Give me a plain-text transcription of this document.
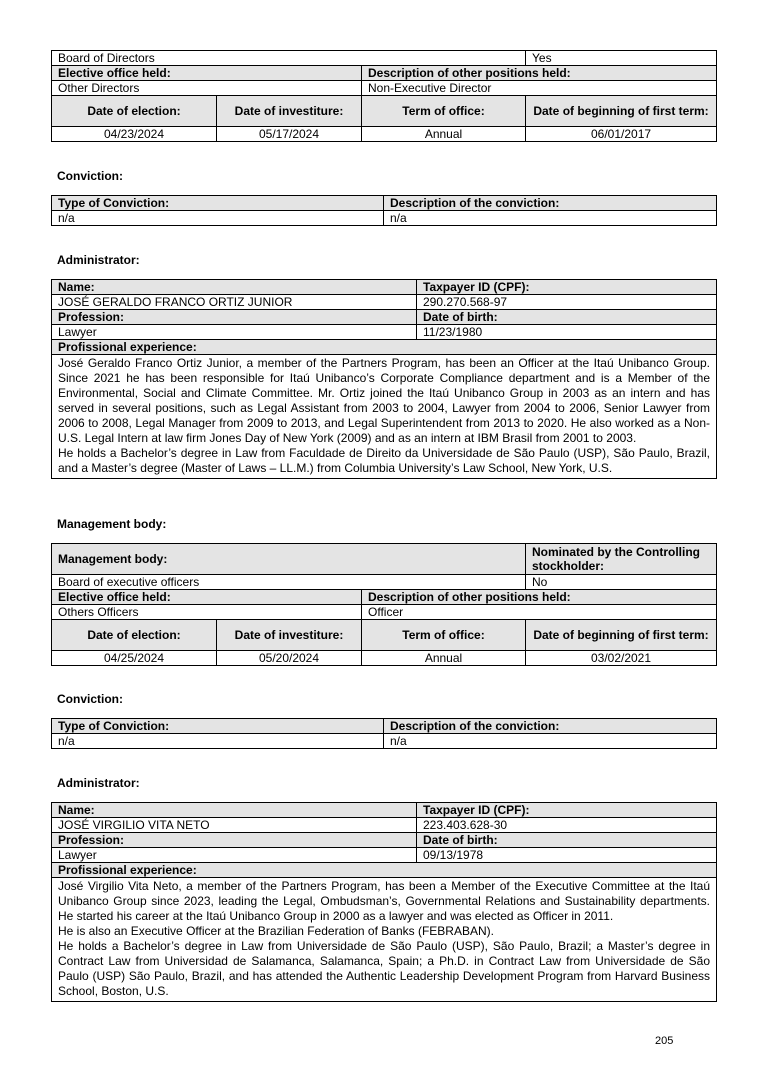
Board of Directors			Yes
Elective office held:		Description of other positions held:	
Other Directors		Non-Executive Director	
Date of election:	Date of investiture:	Term of office:	Date of beginning of first term:
04/23/2024	05/17/2024	Annual	06/01/2017

Conviction:

Type of Conviction:	Description of the conviction:
n/a	n/a

Administrator:

Name:	Taxpayer ID (CPF):
JOSÉ GERALDO FRANCO ORTIZ JUNIOR	290.270.568-97
Profession:	Date of birth:
Lawyer	11/23/1980
Profissional experience:	

José Geraldo Franco Ortiz Junior, a member of the Partners Program, has been an Officer at the Itaú Unibanco Group. Since 2021 he has been responsible for Itaú Unibanco’s Corporate Compliance department and is a Member of the Environmental, Social and Climate Committee. Mr. Ortiz joined the Itaú Unibanco Group in 2003 as an intern and has served in several positions, such as Legal Assistant from 2003 to 2004, Lawyer from 2004 to 2006, Senior Lawyer from 2006 to 2008, Legal Manager from 2009 to 2013, and Legal Superintendent from 2013 to 2020. He also worked as a Non-U.S. Legal Intern at law firm Jones Day of New York (2009) and as an intern at IBM Brasil from 2001 to 2003.

He holds a Bachelor’s degree in Law from Faculdade de Direito da Universidade de São Paulo (USP), São Paulo, Brazil, and a Master’s degree (Master of Laws – LL.M.) from Columbia University’s Law School, New York, U.S.	

Management body:

Management body:			Nominated by the Controlling stockholder:
Board of executive officers			No
Elective office held:		Description of other positions held:	
Others Officers		Officer	
Date of election:	Date of investiture:	Term of office:	Date of beginning of first term:
04/25/2024	05/20/2024	Annual	03/02/2021

Conviction:

Type of Conviction:	Description of the conviction:
n/a	n/a

Administrator:

Name:	Taxpayer ID (CPF):
JOSÉ VIRGILIO VITA NETO	223.403.628-30
Profession:	Date of birth:
Lawyer	09/13/1978
Profissional experience:	

José Virgilio Vita Neto, a member of the Partners Program, has been a Member of the Executive Committee at the Itaú Unibanco Group since 2023, leading the Legal, Ombudsman’s, Governmental Relations and Sustainability departments. He started his career at the Itaú Unibanco Group in 2000 as a lawyer and was elected as Officer in 2011.

He is also an Executive Officer at the Brazilian Federation of Banks (FEBRABAN).

He holds a Bachelor’s degree in Law from Universidade de São Paulo (USP), São Paulo, Brazil; a Master’s degree in Contract Law from Universidad de Salamanca, Salamanca, Spain; a Ph.D. in Contract Law from Universidade de São Paulo (USP) São Paulo, Brazil, and has attended the Authentic Leadership Development Program from Harvard Business School, Boston, U.S.	

205
